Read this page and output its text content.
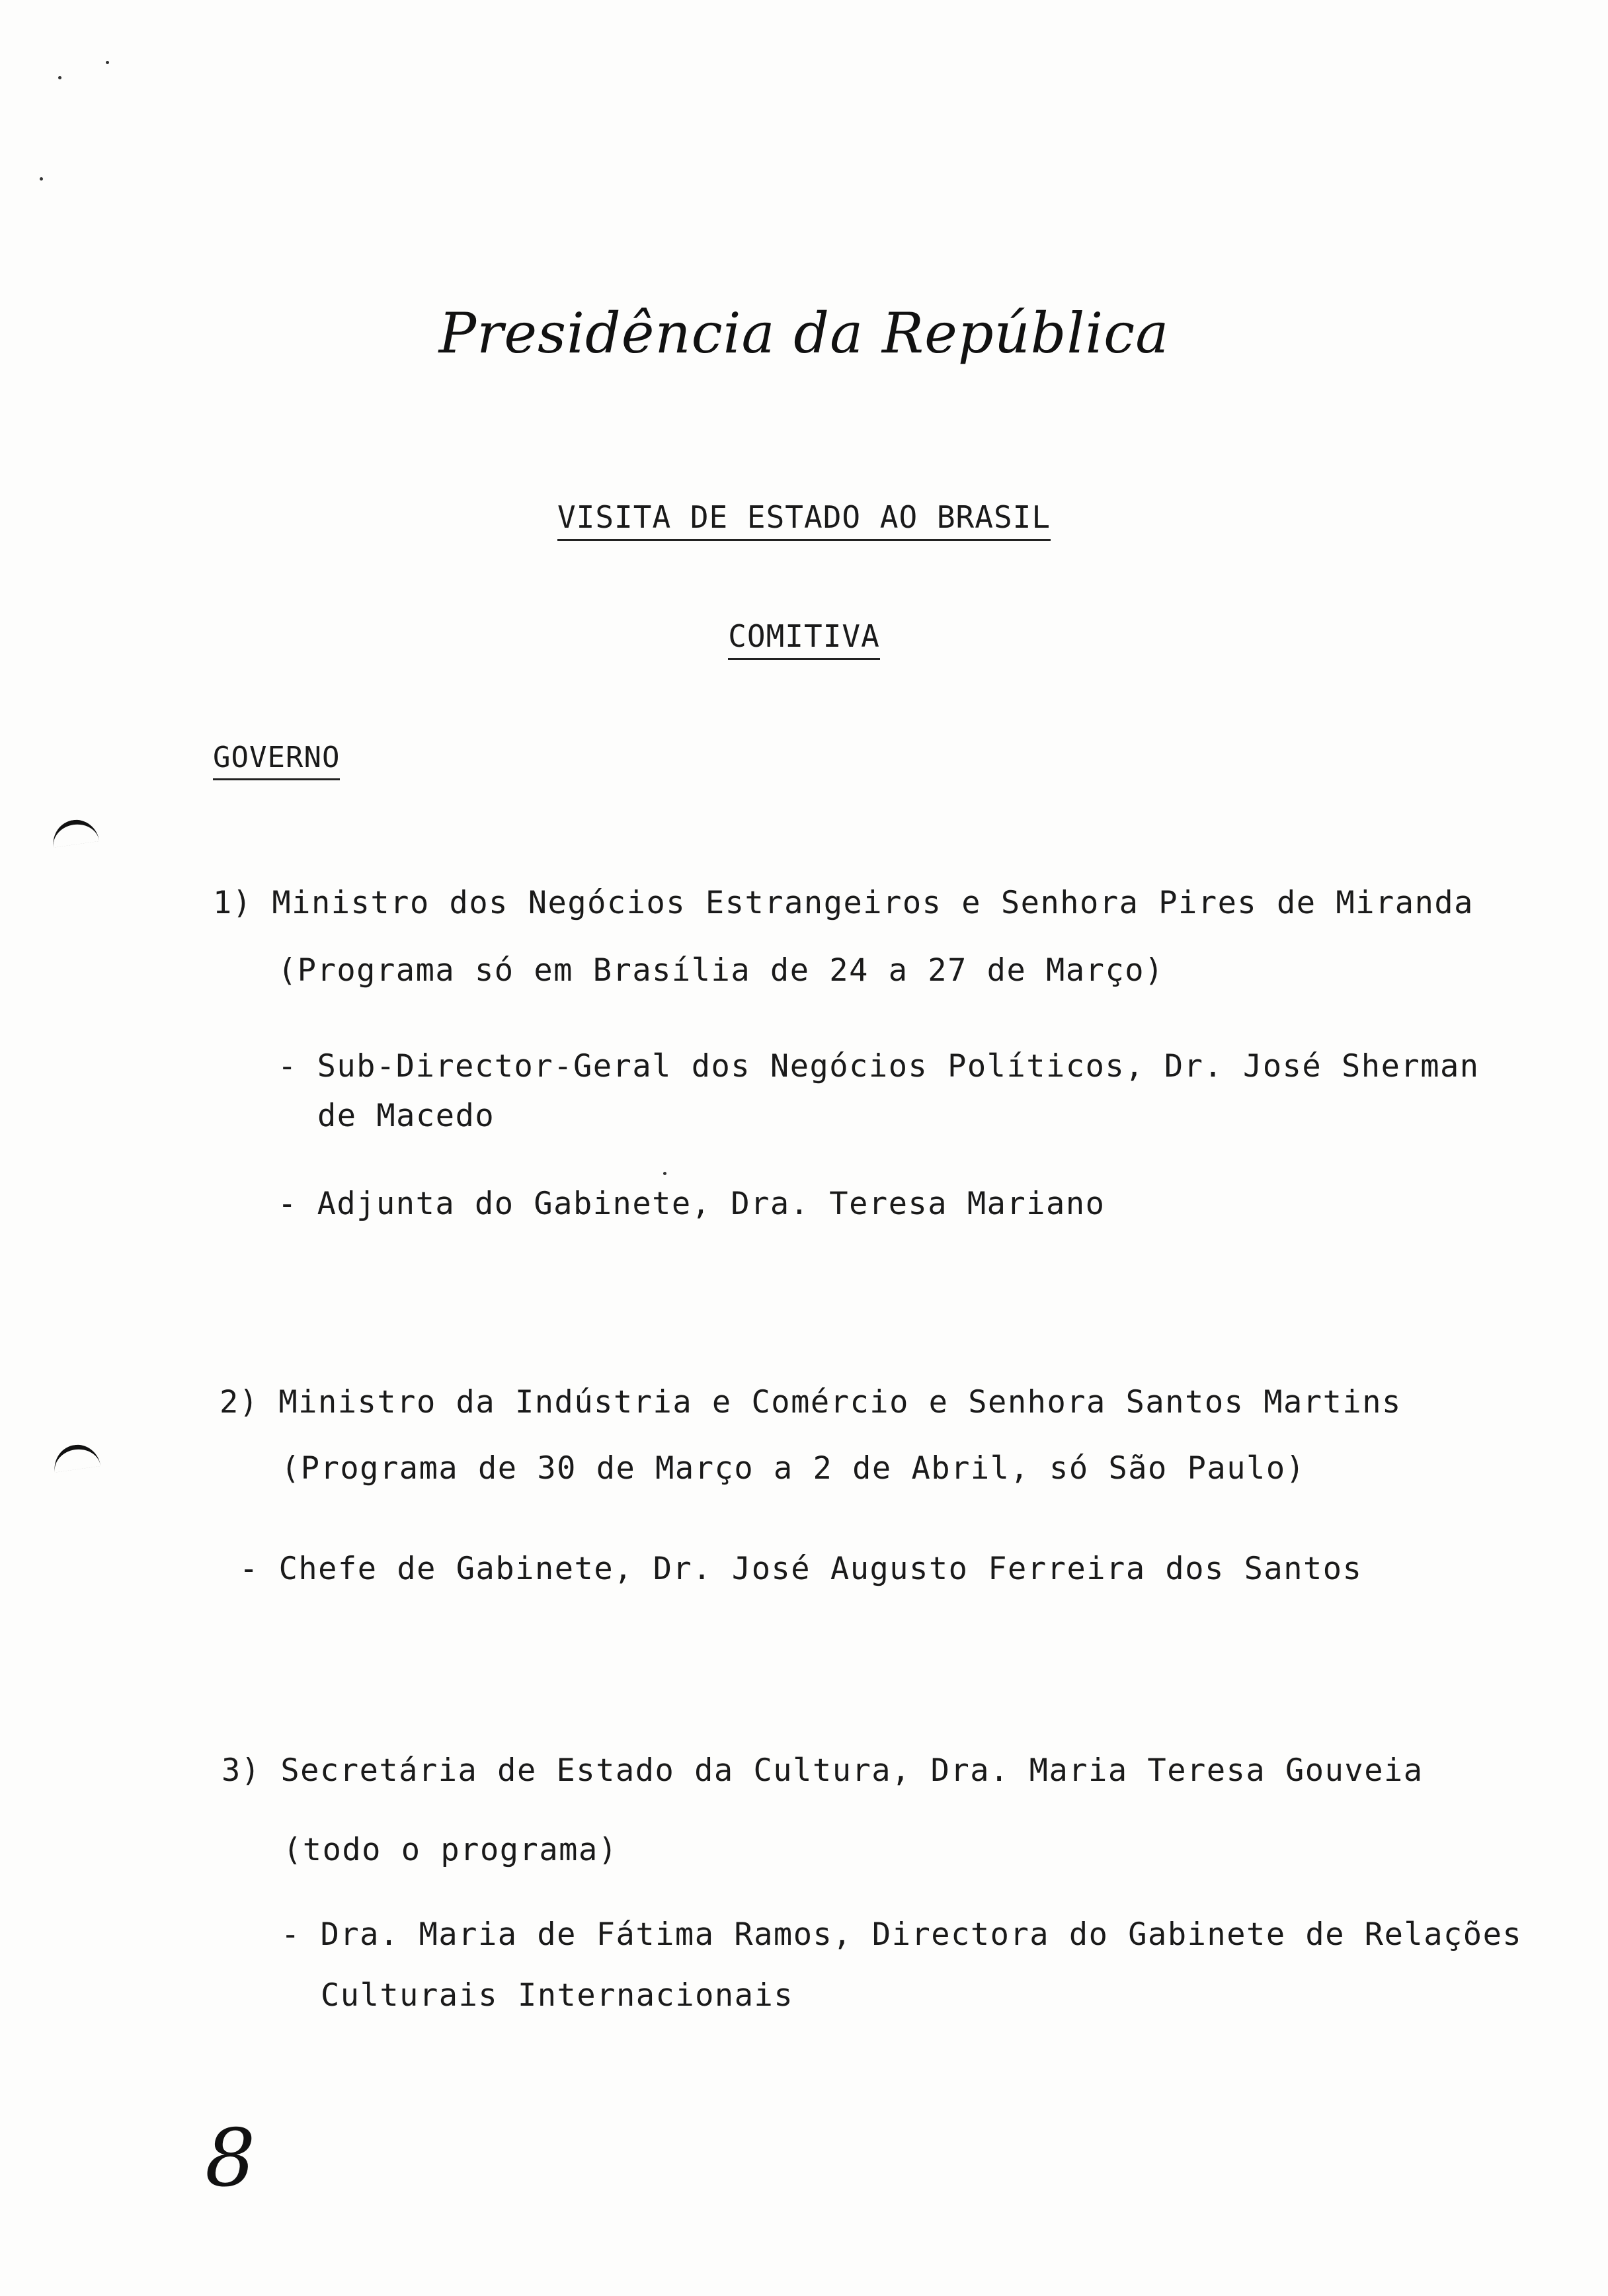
Presidência da República
VISITA DE ESTADO AO BRASIL
COMITIVA
GOVERNO
1) Ministro dos Negócios Estrangeiros e Senhora Pires de Miranda
(Programa só em Brasília de 24 a 27 de Março)
- Sub-Director-Geral dos Negócios Políticos, Dr. José Sherman
de Macedo
- Adjunta do Gabinete, Dra. Teresa Mariano
2) Ministro da Indústria e Comércio e Senhora Santos Martins
(Programa de 30 de Março a 2 de Abril, só São Paulo)
- Chefe de Gabinete, Dr. José Augusto Ferreira dos Santos
3) Secretária de Estado da Cultura, Dra. Maria Teresa Gouveia
(todo o programa)
- Dra. Maria de Fátima Ramos, Directora do Gabinete de Relações
Culturais Internacionais
8
